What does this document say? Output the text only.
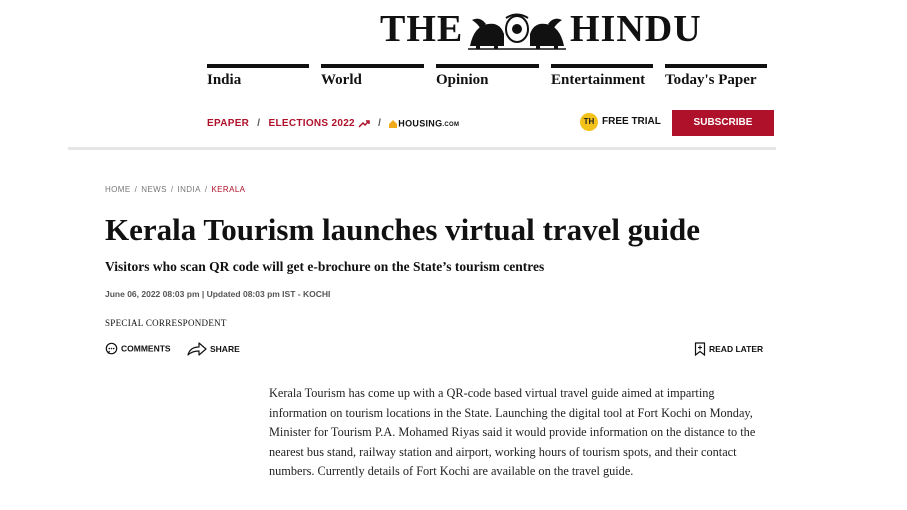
THE	HINDU
India	World	Opinion	Entertainment	Today's Paper
EPAPER / ELECTIONS 2022 / HOUSING.COM	TH FREE TRIAL	SUBSCRIBE
HOME / NEWS / INDIA / KERALA
Kerala Tourism launches virtual travel guide
Visitors who scan QR code will get e-brochure on the State’s tourism centres
June 06, 2022 08:03 pm | Updated 08:03 pm IST - KOCHI
SPECIAL CORRESPONDENT
COMMENTS	SHARE	READ LATER

Kerala Tourism has come up with a QR-code based virtual travel guide aimed at imparting information on tourism locations in the State. Launching the digital tool at Fort Kochi on Monday, Minister for Tourism P.A. Mohamed Riyas said it would provide information on the distance to the nearest bus stand, railway station and airport, working hours of tourism spots, and their contact numbers. Currently details of Fort Kochi are available on the travel guide.
